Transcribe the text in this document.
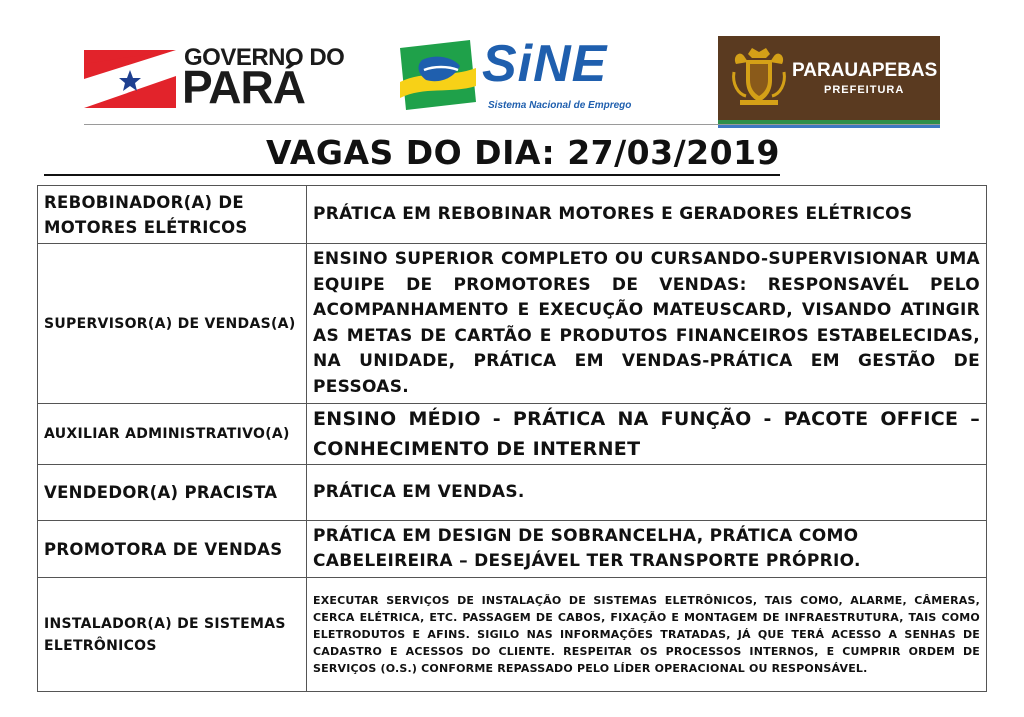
GOVERNO DO
PARÁ	SiNE
Sistema Nacional de Emprego
PARAUAPEBAS
PREFEITURA
VAGAS DO DIA: 27/03/2019
REBOBINADOR(A) DE MOTORES ELÉTRICOS	PRÁTICA EM REBOBINAR MOTORES E GERADORES ELÉTRICOS
SUPERVISOR(A) DE VENDAS(A)	ENSINO SUPERIOR COMPLETO OU CURSANDO-SUPERVISIONAR UMA EQUIPE DE PROMOTORES DE VENDAS: RESPONSAVÉL PELO ACOMPANHAMENTO E EXECUÇÃO MATEUSCARD, VISANDO ATINGIR AS METAS DE CARTÃO E PRODUTOS FINANCEIROS ESTABELECIDAS, NA UNIDADE, PRÁTICA EM VENDAS-PRÁTICA EM GESTÃO DE PESSOAS.
AUXILIAR ADMINISTRATIVO(A)	ENSINO MÉDIO - PRÁTICA NA FUNÇÃO - PACOTE OFFICE – CONHECIMENTO DE INTERNET
VENDEDOR(A) PRACISTA	PRÁTICA EM VENDAS.
PROMOTORA DE VENDAS	PRÁTICA EM DESIGN DE SOBRANCELHA, PRÁTICA COMO CABELEIREIRA – DESEJÁVEL TER TRANSPORTE PRÓPRIO.
INSTALADOR(A) DE SISTEMAS ELETRÔNICOS	EXECUTAR SERVIÇOS DE INSTALAÇÃO DE SISTEMAS ELETRÔNICOS, TAIS COMO, ALARME, CÂMERAS, CERCA ELÉTRICA, ETC. PASSAGEM DE CABOS, FIXAÇÃO E MONTAGEM DE INFRAESTRUTURA, TAIS COMO ELETRODUTOS E AFINS. SIGILO NAS INFORMAÇÕES TRATADAS, JÁ QUE TERÁ ACESSO A SENHAS DE CADASTRO E ACESSOS DO CLIENTE. RESPEITAR OS PROCESSOS INTERNOS, E CUMPRIR ORDEM DE SERVIÇOS (O.S.) CONFORME REPASSADO PELO LÍDER OPERACIONAL OU RESPONSÁVEL.
